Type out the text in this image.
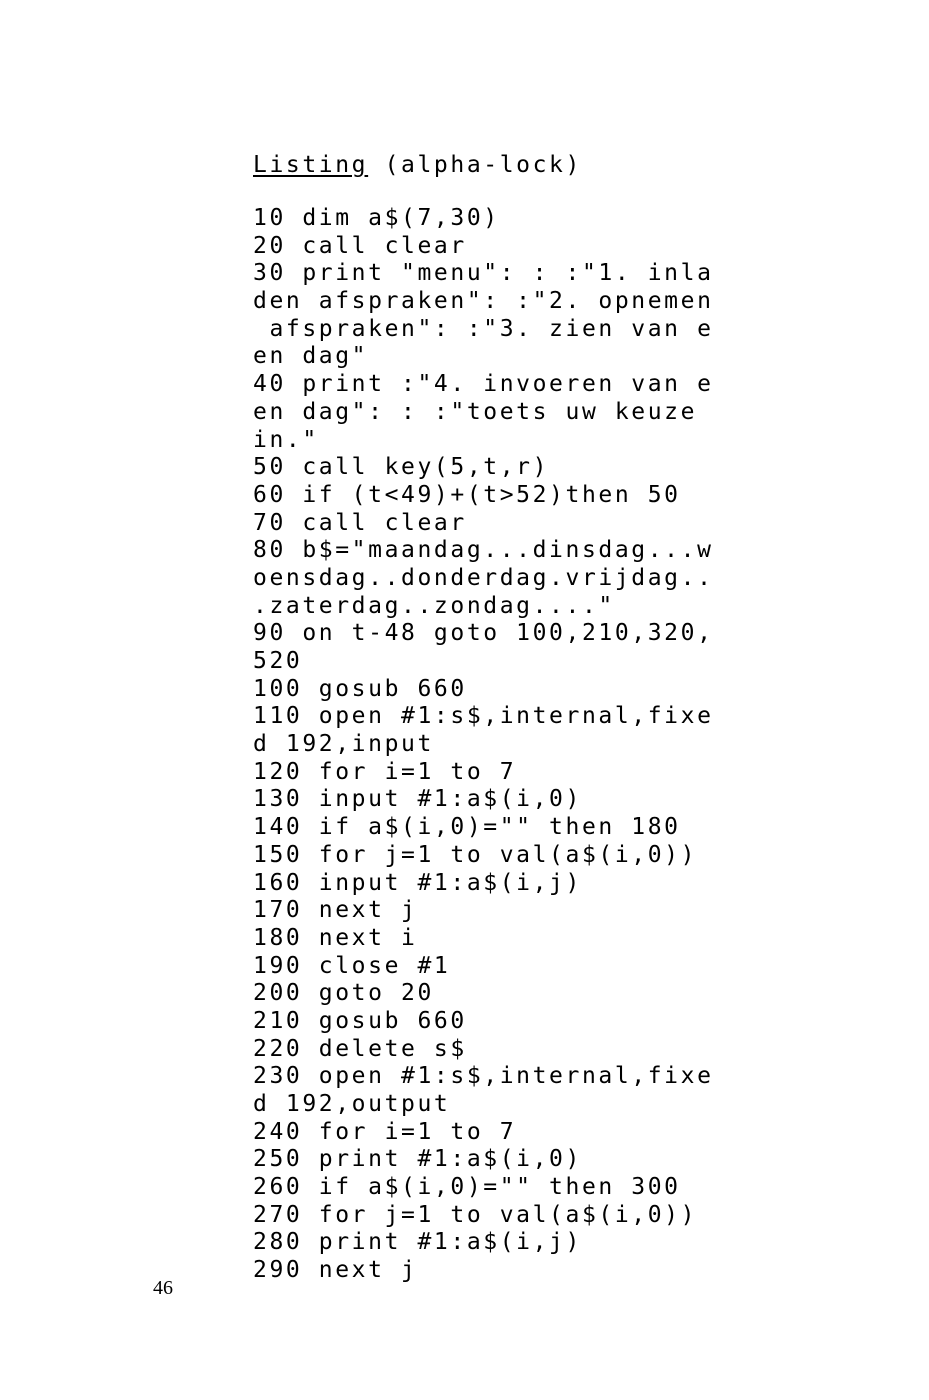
Listing (alpha-lock)
10 dim a$(7,30)
20 call clear
30 print "menu": : :"1. inla
den afspraken": :"2. opnemen
afspraken": :"3. zien van e
en dag"
40 print :"4. invoeren van e
en dag": : :"toets uw keuze
in."
50 call key(5,t,r)
60 if (t<49)+(t>52)then 50
70 call clear
80 b$="maandag...dinsdag...w
oensdag..donderdag.vrijdag..
.zaterdag..zondag...."
90 on t-48 goto 100,210,320,
520
100 gosub 660
110 open #1:s$,internal,fixe
d 192,input
120 for i=1 to 7
130 input #1:a$(i,0)
140 if a$(i,0)="" then 180
150 for j=1 to val(a$(i,0))
160 input #1:a$(i,j)
170 next j
180 next i
190 close #1
200 goto 20
210 gosub 660
220 delete s$
230 open #1:s$,internal,fixe
d 192,output
240 for i=1 to 7
250 print #1:a$(i,0)
260 if a$(i,0)="" then 300
270 for j=1 to val(a$(i,0))
280 print #1:a$(i,j)
290 next j
46
